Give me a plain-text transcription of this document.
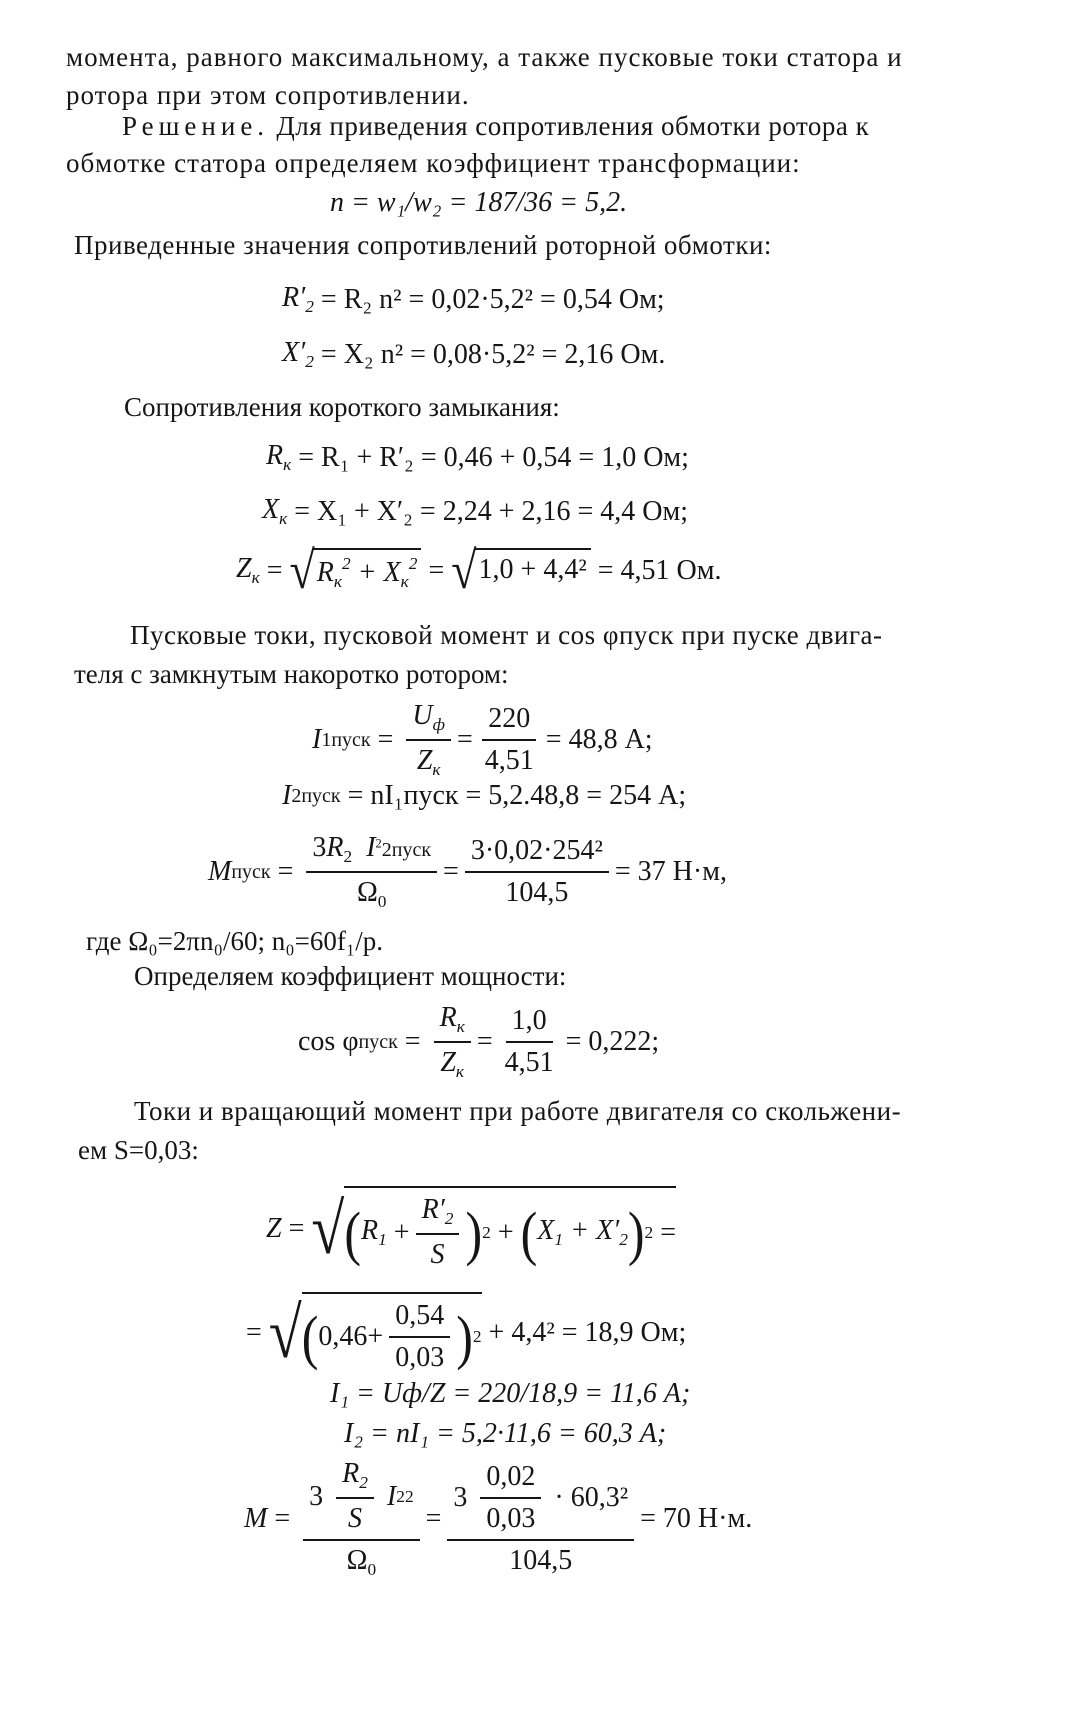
момента, равного максимальному, а также пусковые токи статора и
ротора при этом сопротивлении.
Решение. Для приведения сопротивления обмотки ротора к
обмотке статора определяем коэффициент трансформации:
n = w₁/w₂ = 187/36 = 5,2.
Приведенные значения сопротивлений роторной обмотки:
$R'_2$
= R₂ n² = 0,02·5,2² = 0,54 Ом;
$X'_2$
= X₂ n² = 0,08·5,2² = 2,16 Ом.
Сопротивления короткого замыкания:
$R_к$
= R₁ + R′₂ = 0,46 + 0,54 = 1,0 Ом;
$X_к$
= X₁ + X′₂ = 2,24 + 2,16 = 4,4 Ом;
$Z_к$ = √ $R_к^2 + X_к^2$ = √ 1,0 + 4,4²
= 4,51 Ом.
Пусковые токи, пусковой момент и cos φпуск при пуске двига-
теля с замкнутым накоротко ротором:
I 1пуск = $\frac{U_ф}{Z_к} = \frac{220}{4,51} = 48,8$ А;
I 2пуск
= nI₁пуск = 5,2.48,8 = 254 А;
M пуск = $\frac{3R_2 I^22пуск}{\Omega_0} = \frac{\text{3·0,02·254²}}{104,5} = 37$ Н·м,
где Ω₀=2πn₀/60; n₀=60f₁/p.
Определяем коэффициент мощности:
cos φ пуск = $\frac{R_к}{Z_к} = \frac{1,0}{4,51} = 0,222$;
Токи и вращающий момент при работе двигателя со скольжени-
ем S=0,03:
Z = √ ( $R_1 + \frac{R'_2}{S}$ ) 2 + ( $X_1 + X'_2$ ) 2 =
= √ ( $0,46+ \frac{0,54}{0,03}$ ) 2
+ 4,4² = 18,9 Ом;
I₁ = Uф/Z = 220/18,9 = 11,6 А;
I₂ = nI₁ = 5,2·11,6 = 60,3 А;
$M = 3 \frac{R_2}{S}$
I 2 2
$\Omega_0 = 3 \frac{0,02}{0,03}$
· 60,3²
104,5 = 70 Н·м.
